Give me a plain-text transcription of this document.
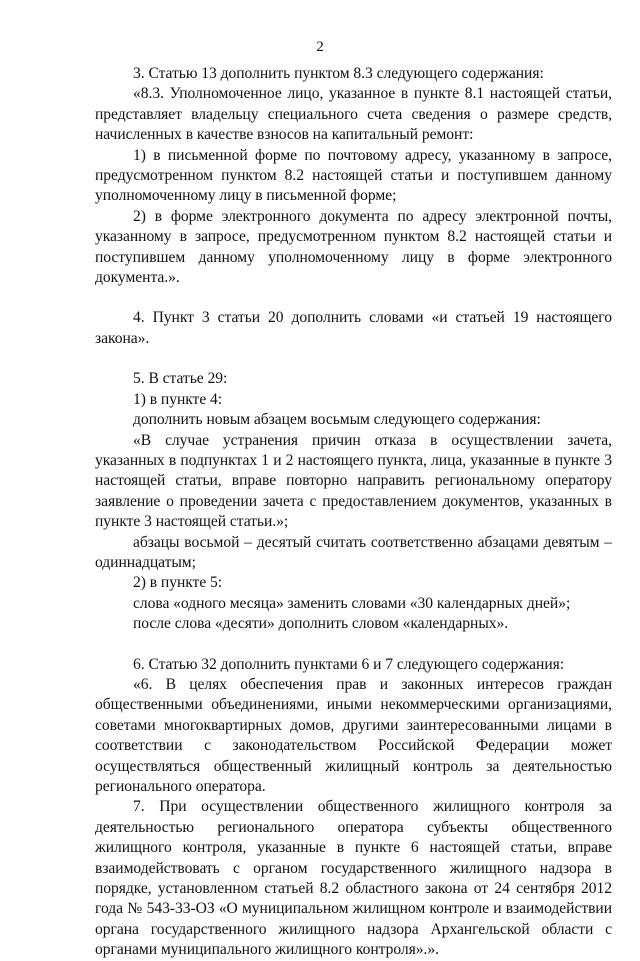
2

3. Статью 13 дополнить пунктом 8.3 следующего содержания:

«8.3. Уполномоченное лицо, указанное в пункте 8.1 настоящей статьи, представляет владельцу специального счета сведения о размере средств, начисленных в качестве взносов на капитальный ремонт:

1) в письменной форме по почтовому адресу, указанному в запросе, предусмотренном пунктом 8.2 настоящей статьи и поступившем данному уполномоченному лицу в письменной форме;

2) в форме электронного документа по адресу электронной почты, указанному в запросе, предусмотренном пунктом 8.2 настоящей статьи и поступившем данному уполномоченному лицу в форме электронного документа.».

4. Пункт 3 статьи 20 дополнить словами «и статьей 19 настоящего закона».

5. В статье 29:

1) в пункте 4:

дополнить новым абзацем восьмым следующего содержания:

«В случае устранения причин отказа в осуществлении зачета, указанных в подпунктах 1 и 2 настоящего пункта, лица, указанные в пункте 3 настоящей статьи, вправе повторно направить региональному оператору заявление о проведении зачета с предоставлением документов, указанных в пункте 3 настоящей статьи.»;

абзацы восьмой – десятый считать соответственно абзацами девятым – одиннадцатым;

2) в пункте 5:

слова «одного месяца» заменить словами «30 календарных дней»;

после слова «десяти» дополнить словом «календарных».

6. Статью 32 дополнить пунктами 6 и 7 следующего содержания:

«6. В целях обеспечения прав и законных интересов граждан общественными объединениями, иными некоммерческими организациями, советами многоквартирных домов, другими заинтересованными лицами в соответствии с законодательством Российской Федерации может осуществляться общественный жилищный контроль за деятельностью регионального оператора.

7. При осуществлении общественного жилищного контроля за деятельностью регионального оператора субъекты общественного жилищного контроля, указанные в пункте 6 настоящей статьи, вправе взаимодействовать с органом государственного жилищного надзора в порядке, установленном статьей 8.2 областного закона от 24 сентября 2012 года № 543-33-ОЗ «О муниципальном жилищном контроле и взаимодействии органа государственного жилищного надзора Архангельской области с органами муниципального жилищного контроля».».
